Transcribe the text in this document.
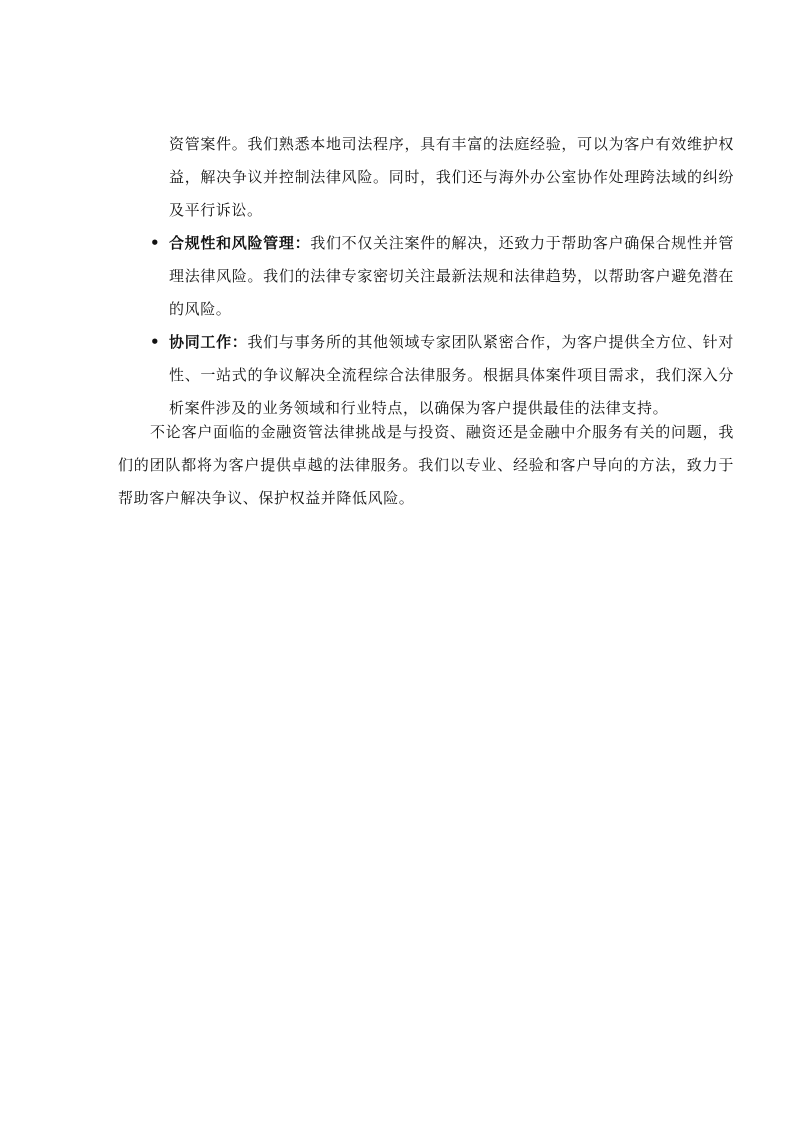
资管案件。我们熟悉本地司法程序，具有丰富的法庭经验，可以为客户有效维护权益，解决争议并控制法律风险。同时，我们还与海外办公室协作处理跨法域的纠纷及平行诉讼。

• 合规性和风险管理：我们不仅关注案件的解决，还致力于帮助客户确保合规性并管理法律风险。我们的法律专家密切关注最新法规和法律趋势，以帮助客户避免潜在的风险。
• 协同工作：我们与事务所的其他领域专家团队紧密合作，为客户提供全方位、针对性、一站式的争议解决全流程综合法律服务。根据具体案件项目需求，我们深入分析案件涉及的业务领域和行业特点，以确保为客户提供最佳的法律支持。

不论客户面临的金融资管法律挑战是与投资、融资还是金融中介服务有关的问题，我们的团队都将为客户提供卓越的法律服务。我们以专业、经验和客户导向的方法，致力于帮助客户解决争议、保护权益并降低风险。
